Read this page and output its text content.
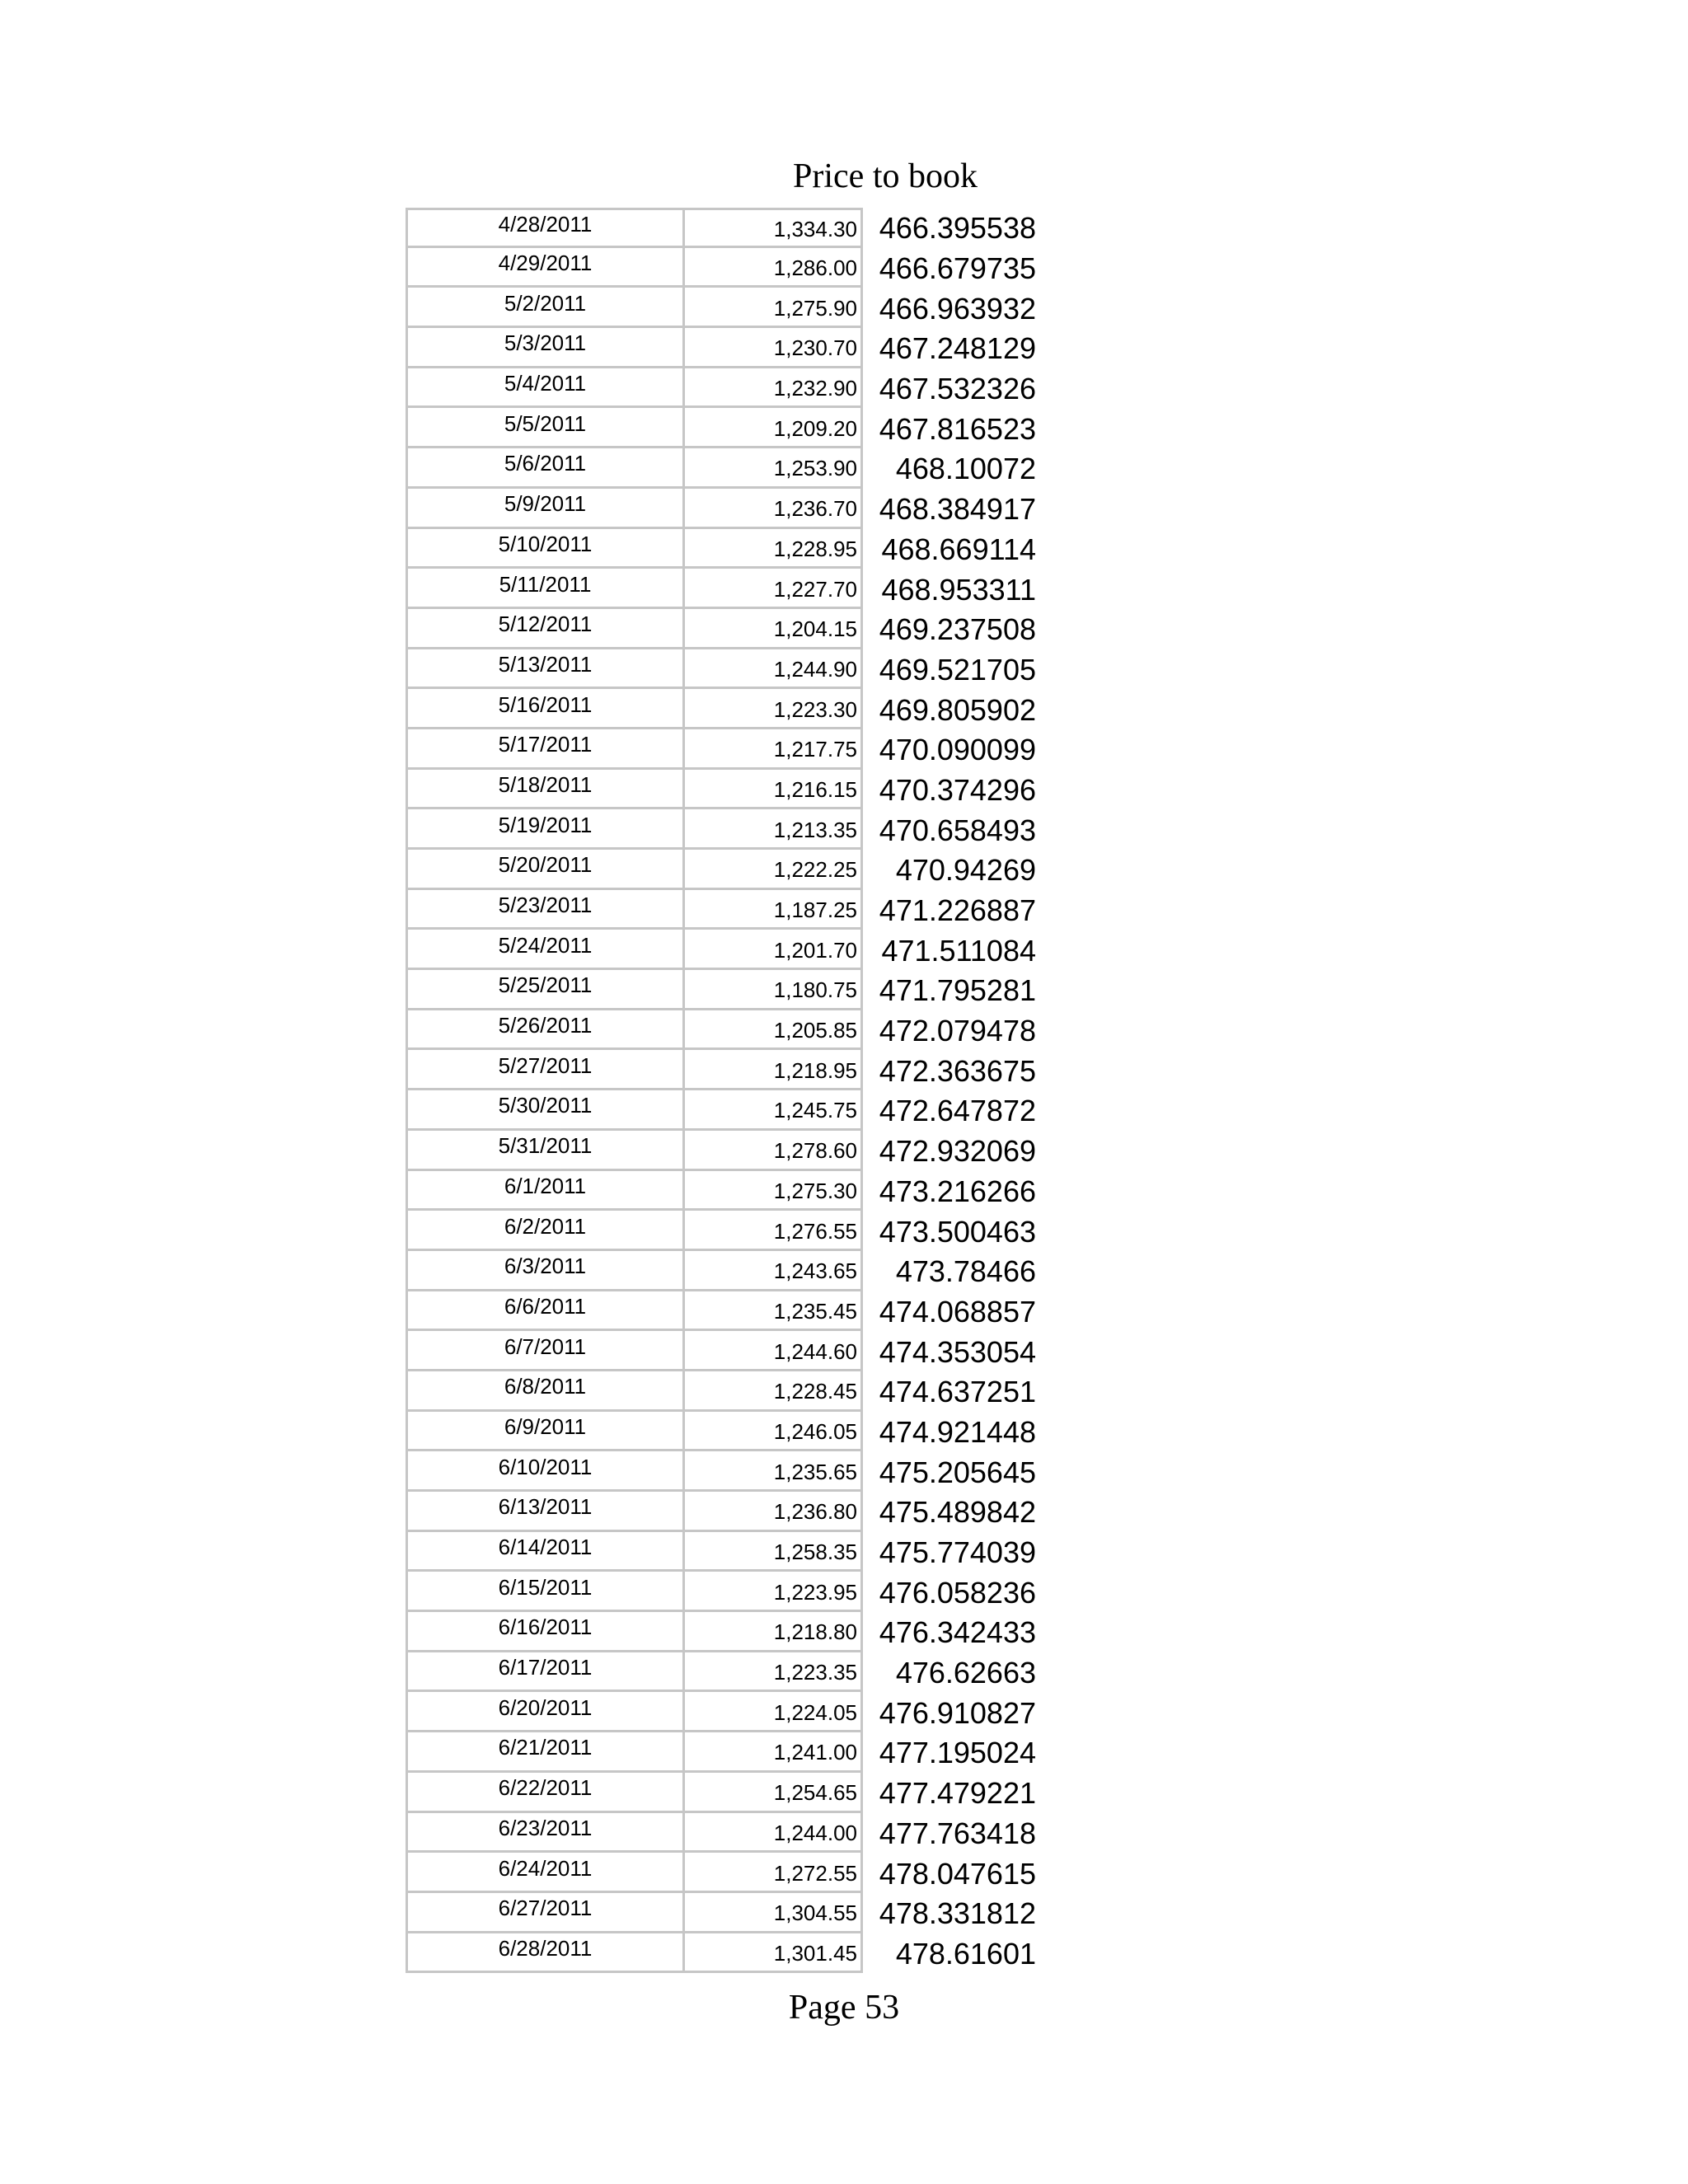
Price to book
4/28/2011	1,334.30 466.395538
4/29/2011	1,286.00 466.679735
5/2/2011	1,275.90 466.963932
5/3/2011	1,230.70 467.248129
5/4/2011	1,232.90 467.532326
5/5/2011	1,209.20 467.816523
5/6/2011	1,253.90	468.10072
5/9/2011	1,236.70 468.384917
5/10/2011	1,228.95 468.669114
5/11/2011	1,227.70 468.953311
5/12/2011	1,204.15 469.237508
5/13/2011	1,244.90 469.521705
5/16/2011	1,223.30 469.805902
5/17/2011	1,217.75 470.090099
5/18/2011	1,216.15 470.374296
5/19/2011	1,213.35 470.658493
5/20/2011	1,222.25	470.94269
5/23/2011	1,187.25 471.226887
5/24/2011	1,201.70 471.511084
5/25/2011	1,180.75 471.795281
5/26/2011	1,205.85 472.079478
5/27/2011	1,218.95 472.363675
5/30/2011	1,245.75 472.647872
5/31/2011	1,278.60 472.932069
6/1/2011	1,275.30 473.216266
6/2/2011	1,276.55 473.500463
6/3/2011	1,243.65	473.78466
6/6/2011	1,235.45 474.068857
6/7/2011	1,244.60 474.353054
6/8/2011	1,228.45 474.637251
6/9/2011	1,246.05 474.921448
6/10/2011	1,235.65 475.205645
6/13/2011	1,236.80 475.489842
6/14/2011	1,258.35 475.774039
6/15/2011	1,223.95 476.058236
6/16/2011	1,218.80 476.342433
6/17/2011	1,223.35	476.62663
6/20/2011	1,224.05 476.910827
6/21/2011	1,241.00 477.195024
6/22/2011	1,254.65 477.479221
6/23/2011	1,244.00 477.763418
6/24/2011	1,272.55 478.047615
6/27/2011	1,304.55 478.331812
6/28/2011	1,301.45	478.61601
Page 53
